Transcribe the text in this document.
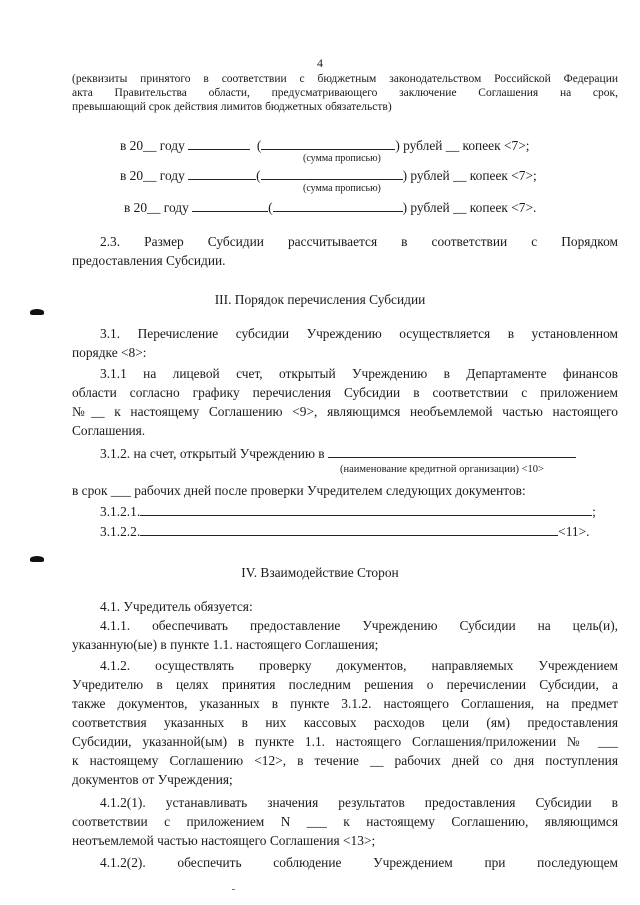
4
(реквизиты принятого в соответствии с бюджетным законодательством Российской Федерации
акта Правительства области, предусматривающего заключение Соглашения на срок,
превышающий срок действия лимитов бюджетных обязательств)
в 20__ году	(	) рублей __ копеек <7>;
(сумма прописью)
в 20__ году	(	) рублей __ копеек <7>;
(сумма прописью)
в 20__ году	(	) рублей __ копеек <7>.
2.3. Размер Субсидии рассчитывается в соответствии с Порядком
предоставления Субсидии.
III. Порядок перечисления Субсидии
3.1. Перечисление субсидии Учреждению осуществляется в установленном
порядке <8>:
3.1.1 на лицевой счет, открытый Учреждению в Департаменте финансов
области согласно графику перечисления Субсидии в соответствии с приложением
№__ к настоящему Соглашению <9>, являющимся необъемлемой частью настоящего
Соглашения.
3.1.2. на счет, открытый Учреждению в
(наименование кредитной организации) <10>
в срок ___ рабочих дней после проверки Учредителем следующих документов:
3.1.2.1.	;
3.1.2.2.	<11>.
IV. Взаимодействие Сторон
4.1. Учредитель обязуется:
4.1.1. обеспечивать предоставление Учреждению Субсидии на цель(и),
указанную(ые) в пункте 1.1. настоящего Соглашения;
4.1.2. осуществлять проверку документов, направляемых Учреждением
Учредителю в целях принятия последним решения о перечислении Субсидии, а
также документов, указанных в пункте 3.1.2. настоящего Соглашения, на предмет
соответствия указанных в них кассовых расходов цели (ям) предоставления
Субсидии, указанной(ым) в пункте 1.1. настоящего Соглашения/приложении № ___
к настоящему Соглашению <12>, в течение __ рабочих дней со дня поступления
документов от Учреждения;
4.1.2(1). устанавливать значения результатов предоставления Субсидии в
соответствии с приложением N ___ к настоящему Соглашению, являющимся
неотъемлемой частью настоящего Соглашения <13>;
4.1.2(2). обеспечить соблюдение Учреждением при последующем
